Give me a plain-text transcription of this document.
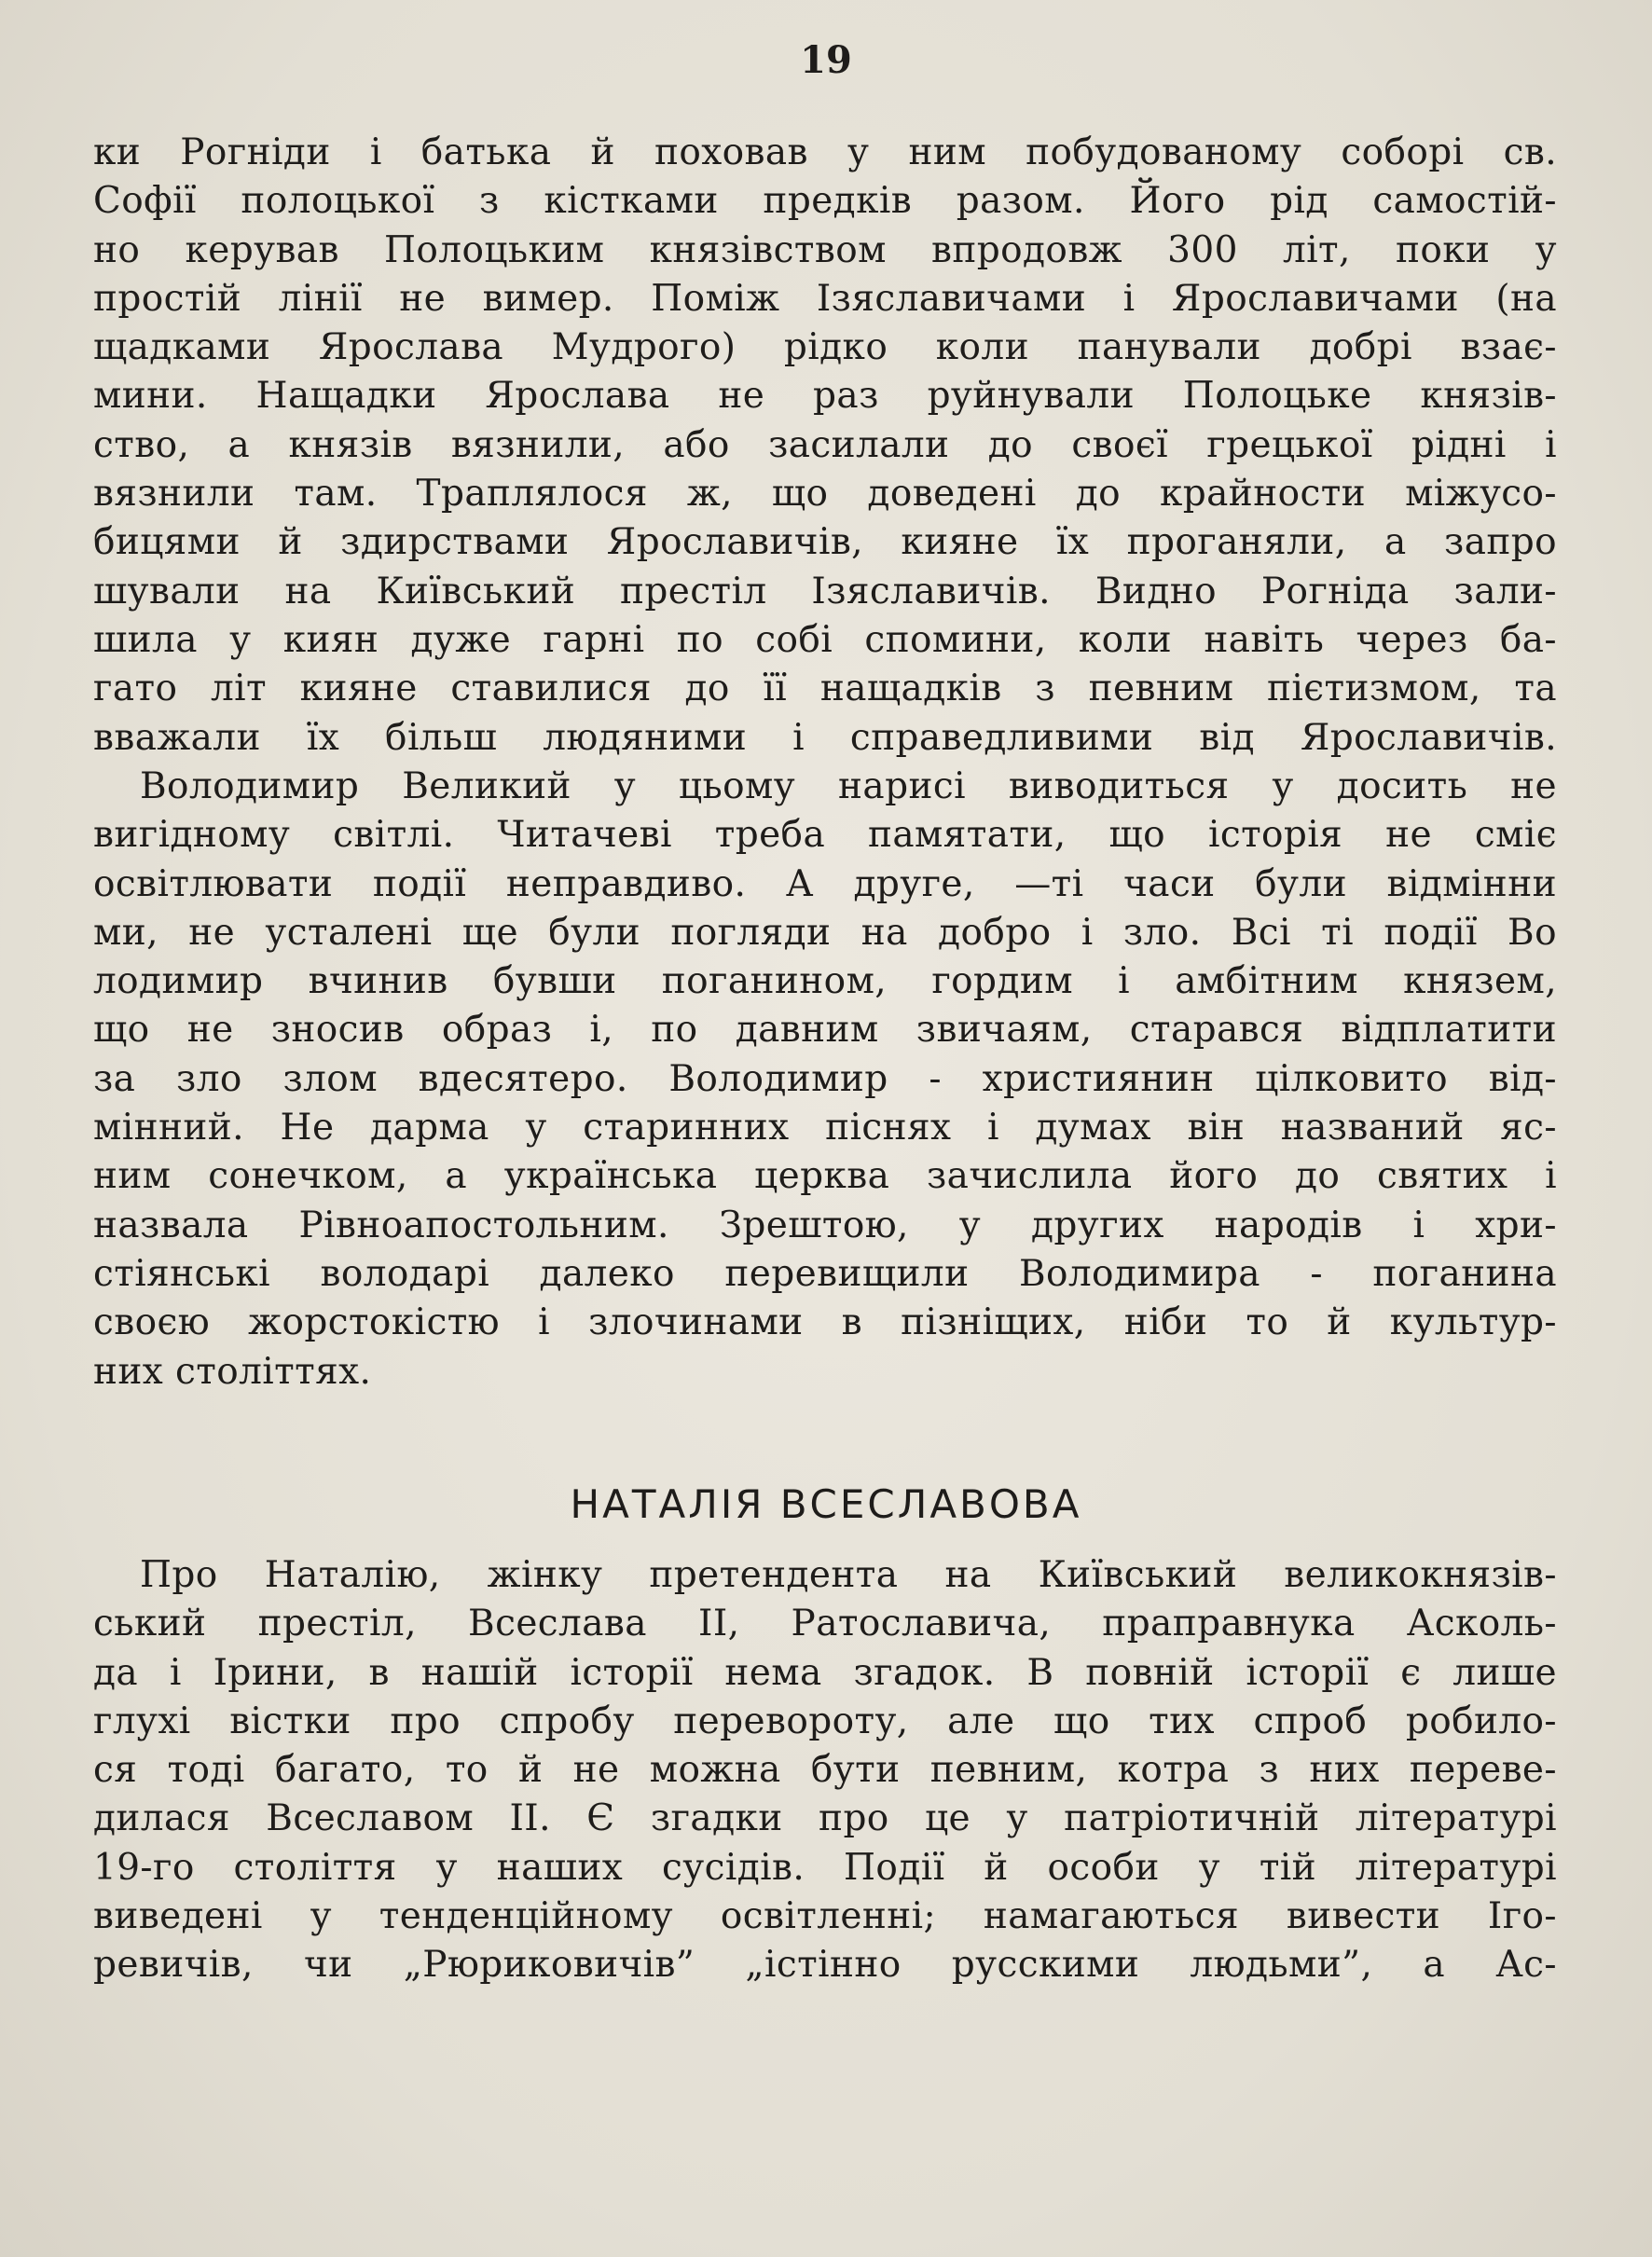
19
ки Рогніди і батька й поховав у ним побудованому соборі св.
Софії полоцької з кістками предків разом. Його рід самостій-
но керував Полоцьким князівством впродовж 300 літ, поки у
простій лінії не вимер. Поміж Ізяславичами і Ярославичами (на
щадками Ярослава Мудрого) рідко коли панували добрі взає-
мини. Нащадки Ярослава не раз руйнували Полоцьке князів-
ство, а князів вязнили, або засилали до своєї грецької рідні і
вязнили там. Траплялося ж, що доведені до крайности міжусо-
бицями й здирствами Ярославичів, кияне їх проганяли, а запро
шували на Київський престіл Ізяславичів. Видно Рогніда зали-
шила у киян дуже гарні по собі спомини, коли навіть через ба-
гато літ кияне ставилися до її нащадків з певним пієтизмом, та
вважали їх більш людяними і справедливими від Ярославичів.
Володимир Великий у цьому нарисі виводиться у досить не
вигідному світлі. Читачеві треба памятати, що історія не сміє
освітлювати події неправдиво. А друге, —ті часи були відмінни
ми, не усталені ще були погляди на добро і зло. Всі ті події Во
лодимир вчинив бувши поганином, гордим і амбітним князем,
що не зносив образ і, по давним звичаям, старався відплатити
за зло злом вдесятеро. Володимир - християнин цілковито від-
мінний. Не дарма у старинних піснях і думах він названий яс-
ним сонечком, а українська церква зачислила його до святих і
назвала Рівноапостольним. Зрештою, у других народів і хри-
стіянські володарі далеко перевищили Володимира - поганина
своєю жорстокістю і злочинами в пізніщих, ніби то й культур-
них століттях.
НАТАЛІЯ ВСЕСЛАВОВА
Про Наталію, жінку претендента на Київський великокнязів-
ський престіл, Всеслава II, Ратославича, праправнука Асколь-
да і Ірини, в нашій історії нема згадок. В повній історії є лише
глухі вістки про спробу перевороту, але що тих спроб робило-
ся тоді багато, то й не можна бути певним, котра з них переве-
дилася Всеславом II. Є згадки про це у патріотичній літературі
19-го століття у наших сусідів. Події й особи у тій літературі
виведені у тенденційному освітленні; намагаються вивести Іго-
ревичів, чи „Рюриковичів” „істінно русскими людьми”, а Ас-
